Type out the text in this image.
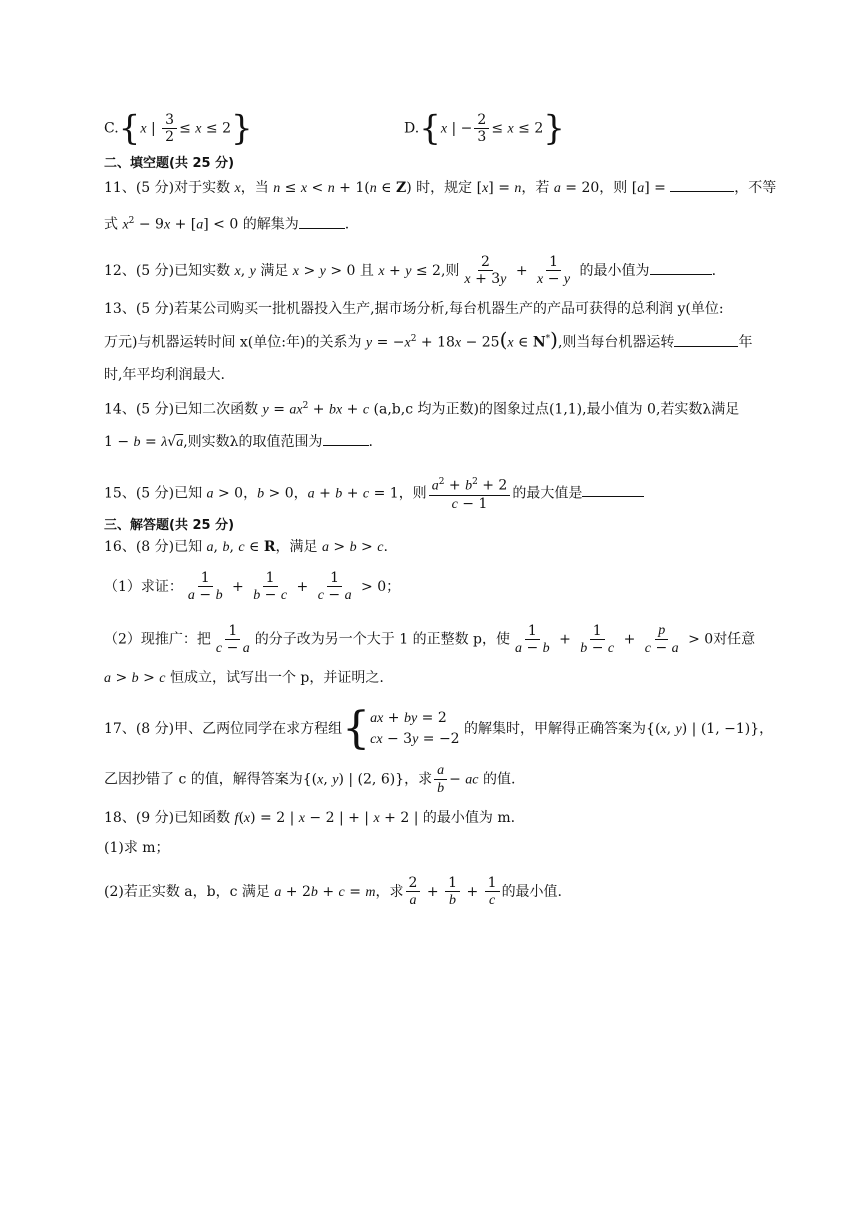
C.{x | $\frac{3}{2} \le x \le 2$}	D.{x | − $\frac{2}{3} \le x \le 2$}
二、填空题(共 25 分)
11、(5 分)对于实数 x，当 n ≤ x < n + 1(n ∈ Z) 时，规定 [x] = n，若 a = 20，则 [a] =	，不等
式 $x^2 - 9x + [a] < 0$ 的解集为	.
12、(5 分)已知实数 x, y 满足 x > y > 0 且 x + y ≤ 2,则 $\frac{2}{x + 3y} + \frac{1}{x - y}$ 的最小值为	.
13、(5 分)若某公司购买一批机器投入生产,据市场分析,每台机器生产的产品可获得的总利润 y(单位:
万元)与机器运转时间 x(单位:年)的关系为 $y = -x^2 + 18x - 25(x$ ∈ N*),则当每台机器运转	年
时,年平均利润最大.
14、(5 分)已知二次函数 $y = ax^2$ + bx + c (a,b,c 均为正数)的图象过点(1,1),最小值为 0,若实数λ满足
1 − b = λ√a,则实数λ的取值范围为	.
15、(5 分)已知 a > 0，b > 0，a + b + c = 1，则 $\frac{a^2 + b^2 + 2}{c - 1}$ 的最大值是
三、解答题(共 25 分)
16、(8 分)已知 a, b, c ∈ R，满足 a > b > c.
（1）求证： $\frac{1}{a - b} + \frac{1}{b - c} + \frac{1}{c - a} > 0$；
（2）现推广：把 $\frac{1}{c - a}$ 的分子改为另一个大于 1 的正整数 p，使 $\frac{1}{a - b} + \frac{1}{b - c} + \frac{p}{c - a} > 0$对任意
a > b > c 恒成立，试写出一个 p，并证明之.
17、(8 分)甲、乙两位同学在求方程组{ ax + by = 2
cx − 3y = −2
的解集时，甲解得正确答案为{(x, y) | (1, −1)}，
乙因抄错了 c 的值，解得答案为{(x, y) | (2, 6)}，求 $\frac{a}{b}$ − ac 的值.
18、(9 分)已知函数 f(x) = 2 | x − 2 | + | x + 2 | 的最小值为 m.
(1)求 m；
(2)若正实数 a，b，c 满足 a + 2b + c = m，求 $\frac{2}{a} + \frac{1}{b} + \frac{1}{c}$ 的最小值.
